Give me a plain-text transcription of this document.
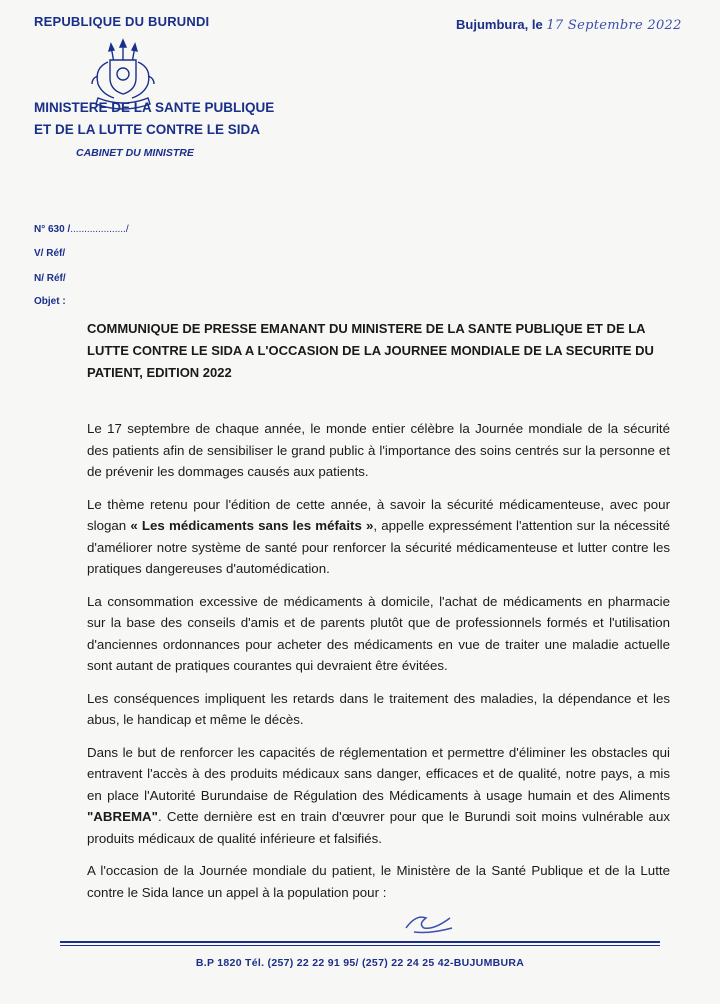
REPUBLIQUE DU BURUNDI
MINISTERE DE LA SANTE PUBLIQUE
ET DE LA LUTTE CONTRE LE SIDA
CABINET DU MINISTRE
Bujumbura, le 17 Septembre 2022
N° 630 /..................../
V/ Réf/
N/ Réf/
Objet :
COMMUNIQUE DE PRESSE EMANANT DU MINISTERE DE LA SANTE PUBLIQUE ET DE LA LUTTE CONTRE LE SIDA A L'OCCASION DE LA JOURNEE MONDIALE DE LA SECURITE DU PATIENT, EDITION 2022

Le 17 septembre de chaque année, le monde entier célèbre la Journée mondiale de la sécurité des patients afin de sensibiliser le grand public à l'importance des soins centrés sur la personne et de prévenir les dommages causés aux patients.

Le thème retenu pour l'édition de cette année, à savoir la sécurité médicamenteuse, avec pour slogan « Les médicaments sans les méfaits », appelle expressément l'attention sur la nécessité d'améliorer notre système de santé pour renforcer la sécurité médicamenteuse et lutter contre les pratiques dangereuses d'automédication.

La consommation excessive de médicaments à domicile, l'achat de médicaments en pharmacie sur la base des conseils d'amis et de parents plutôt que de professionnels formés et l'utilisation d'anciennes ordonnances pour acheter des médicaments en vue de traiter une maladie actuelle sont autant de pratiques courantes qui devraient être évitées.

Les conséquences impliquent les retards dans le traitement des maladies, la dépendance et les abus, le handicap et même le décès.

Dans le but de renforcer les capacités de réglementation et permettre d'éliminer les obstacles qui entravent l'accès à des produits médicaux sans danger, efficaces et de qualité, notre pays, a mis en place l'Autorité Burundaise de Régulation des Médicaments à usage humain et des Aliments "ABREMA". Cette dernière est en train d'œuvrer pour que le Burundi soit moins vulnérable aux produits médicaux de qualité inférieure et falsifiés.

A l'occasion de la Journée mondiale du patient, le Ministère de la Santé Publique et de la Lutte contre le Sida lance un appel à la population pour :

B.P 1820 Tél. (257) 22 22 91 95/ (257) 22 24 25 42-BUJUMBURA
